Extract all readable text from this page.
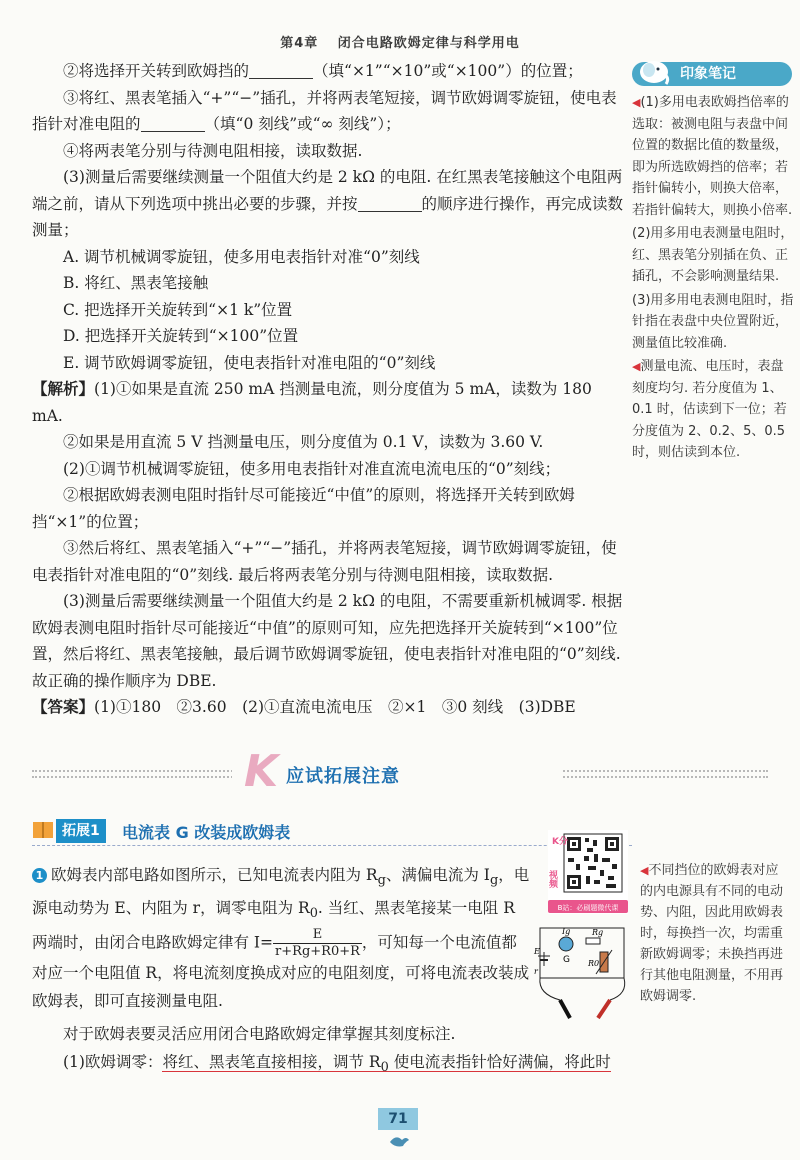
第4章　 闭合电路欧姆定律与科学用电

②将选择开关转到欧姆挡的	（填“×1”“×10”或“×100”）的位置；

③将红、黑表笔插入“+”“−”插孔，并将两表笔短接，调节欧姆调零旋钮，使电表指针对准电阻的	（填“0 刻线”或“∞ 刻线”）；

④将两表笔分别与待测电阻相接，读取数据.

(3)测量后需要继续测量一个阻值大约是 2 kΩ 的电阻. 在红黑表笔接触这个电阻两端之前，请从下列选项中挑出必要的步骤，并按	的顺序进行操作，再完成读数测量；

A. 调节机械调零旋钮，使多用电表指针对准“0”刻线

B. 将红、黑表笔接触

C. 把选择开关旋转到“×1 k”位置

D. 把选择开关旋转到“×100”位置

E. 调节欧姆调零旋钮，使电表指针对准电阻的“0”刻线

【解析】(1)①如果是直流 250 mA 挡测量电流，则分度值为 5 mA，读数为 180 mA.

②如果是用直流 5 V 挡测量电压，则分度值为 0.1 V，读数为 3.60 V.

(2)①调节机械调零旋钮，使多用电表指针对准直流电流电压的“0”刻线；

②根据欧姆表测电阻时指针尽可能接近“中值”的原则，将选择开关转到欧姆挡“×1”的位置；

③然后将红、黑表笔插入“+”“−”插孔，并将两表笔短接，调节欧姆调零旋钮，使电表指针对准电阻的“0”刻线. 最后将两表笔分别与待测电阻相接，读取数据.

(3)测量后需要继续测量一个阻值大约是 2 kΩ 的电阻，不需要重新机械调零. 根据欧姆表测电阻时指针尽可能接近“中值”的原则可知，应先把选择开关旋转到“×100”位置，然后将红、黑表笔接触，最后调节欧姆调零旋钮，使电表指针对准电阻的“0”刻线. 故正确的操作顺序为 DBE.

【答案】(1)①180　②3.60　(2)①直流电流电压　②×1　③0 刻线　(3)DBE

印象笔记

◀(1)多用电表欧姆挡倍率的选取：被测电阻与表盘中间位置的数据比值的数量级，即为所选欧姆挡的倍率；若指针偏转小，则换大倍率，若指针偏转大，则换小倍率.

(2)用多用电表测量电阻时，红、黑表笔分别插在负、正插孔，不会影响测量结果.

(3)用多用电表测电阻时，指针指在表盘中央位置附近，测量值比较准确.

◀测量电流、电压时，表盘刻度均匀. 若分度值为 1、0.1 时，估读到下一位；若分度值为 2、0.2、5、0.5 时，则估读到本位.

K 应试拓展注意
拓展1	电流表 G 改装成欧姆表	K分
视频
B站：必刷题微代课
1 欧姆表内部电路如图所示，已知电流表内阻为 $R_g$、满偏电流为 $I_g$，电源电动势为 E、内阻为 r，调零电阻为 $R_0$. 当红、黑表笔接某一电阻 R 两端时，由闭合电路欧姆定律有 $I= \frac{E}{r+Rg+R0+R}$ ，可知每一个电流值都对应一个电阻值 R，将电流刻度换成对应的电阻刻度，可将电流表改装成欧姆表，即可直接测量电阻.
Ig	Rg
G
E
r
R0
◀不同挡位的欧姆表对应的内电源具有不同的电动势、内阻，因此用欧姆表时，每换挡一次，均需重新欧姆调零；未换挡再进行其他电阻测量，不用再欧姆调零.

对于欧姆表要灵活应用闭合电路欧姆定律掌握其刻度标注.

(1)欧姆调零：将红、黑表笔直接相接，调节 $R_0$ 使电流表指针恰好满偏，将此时

71
